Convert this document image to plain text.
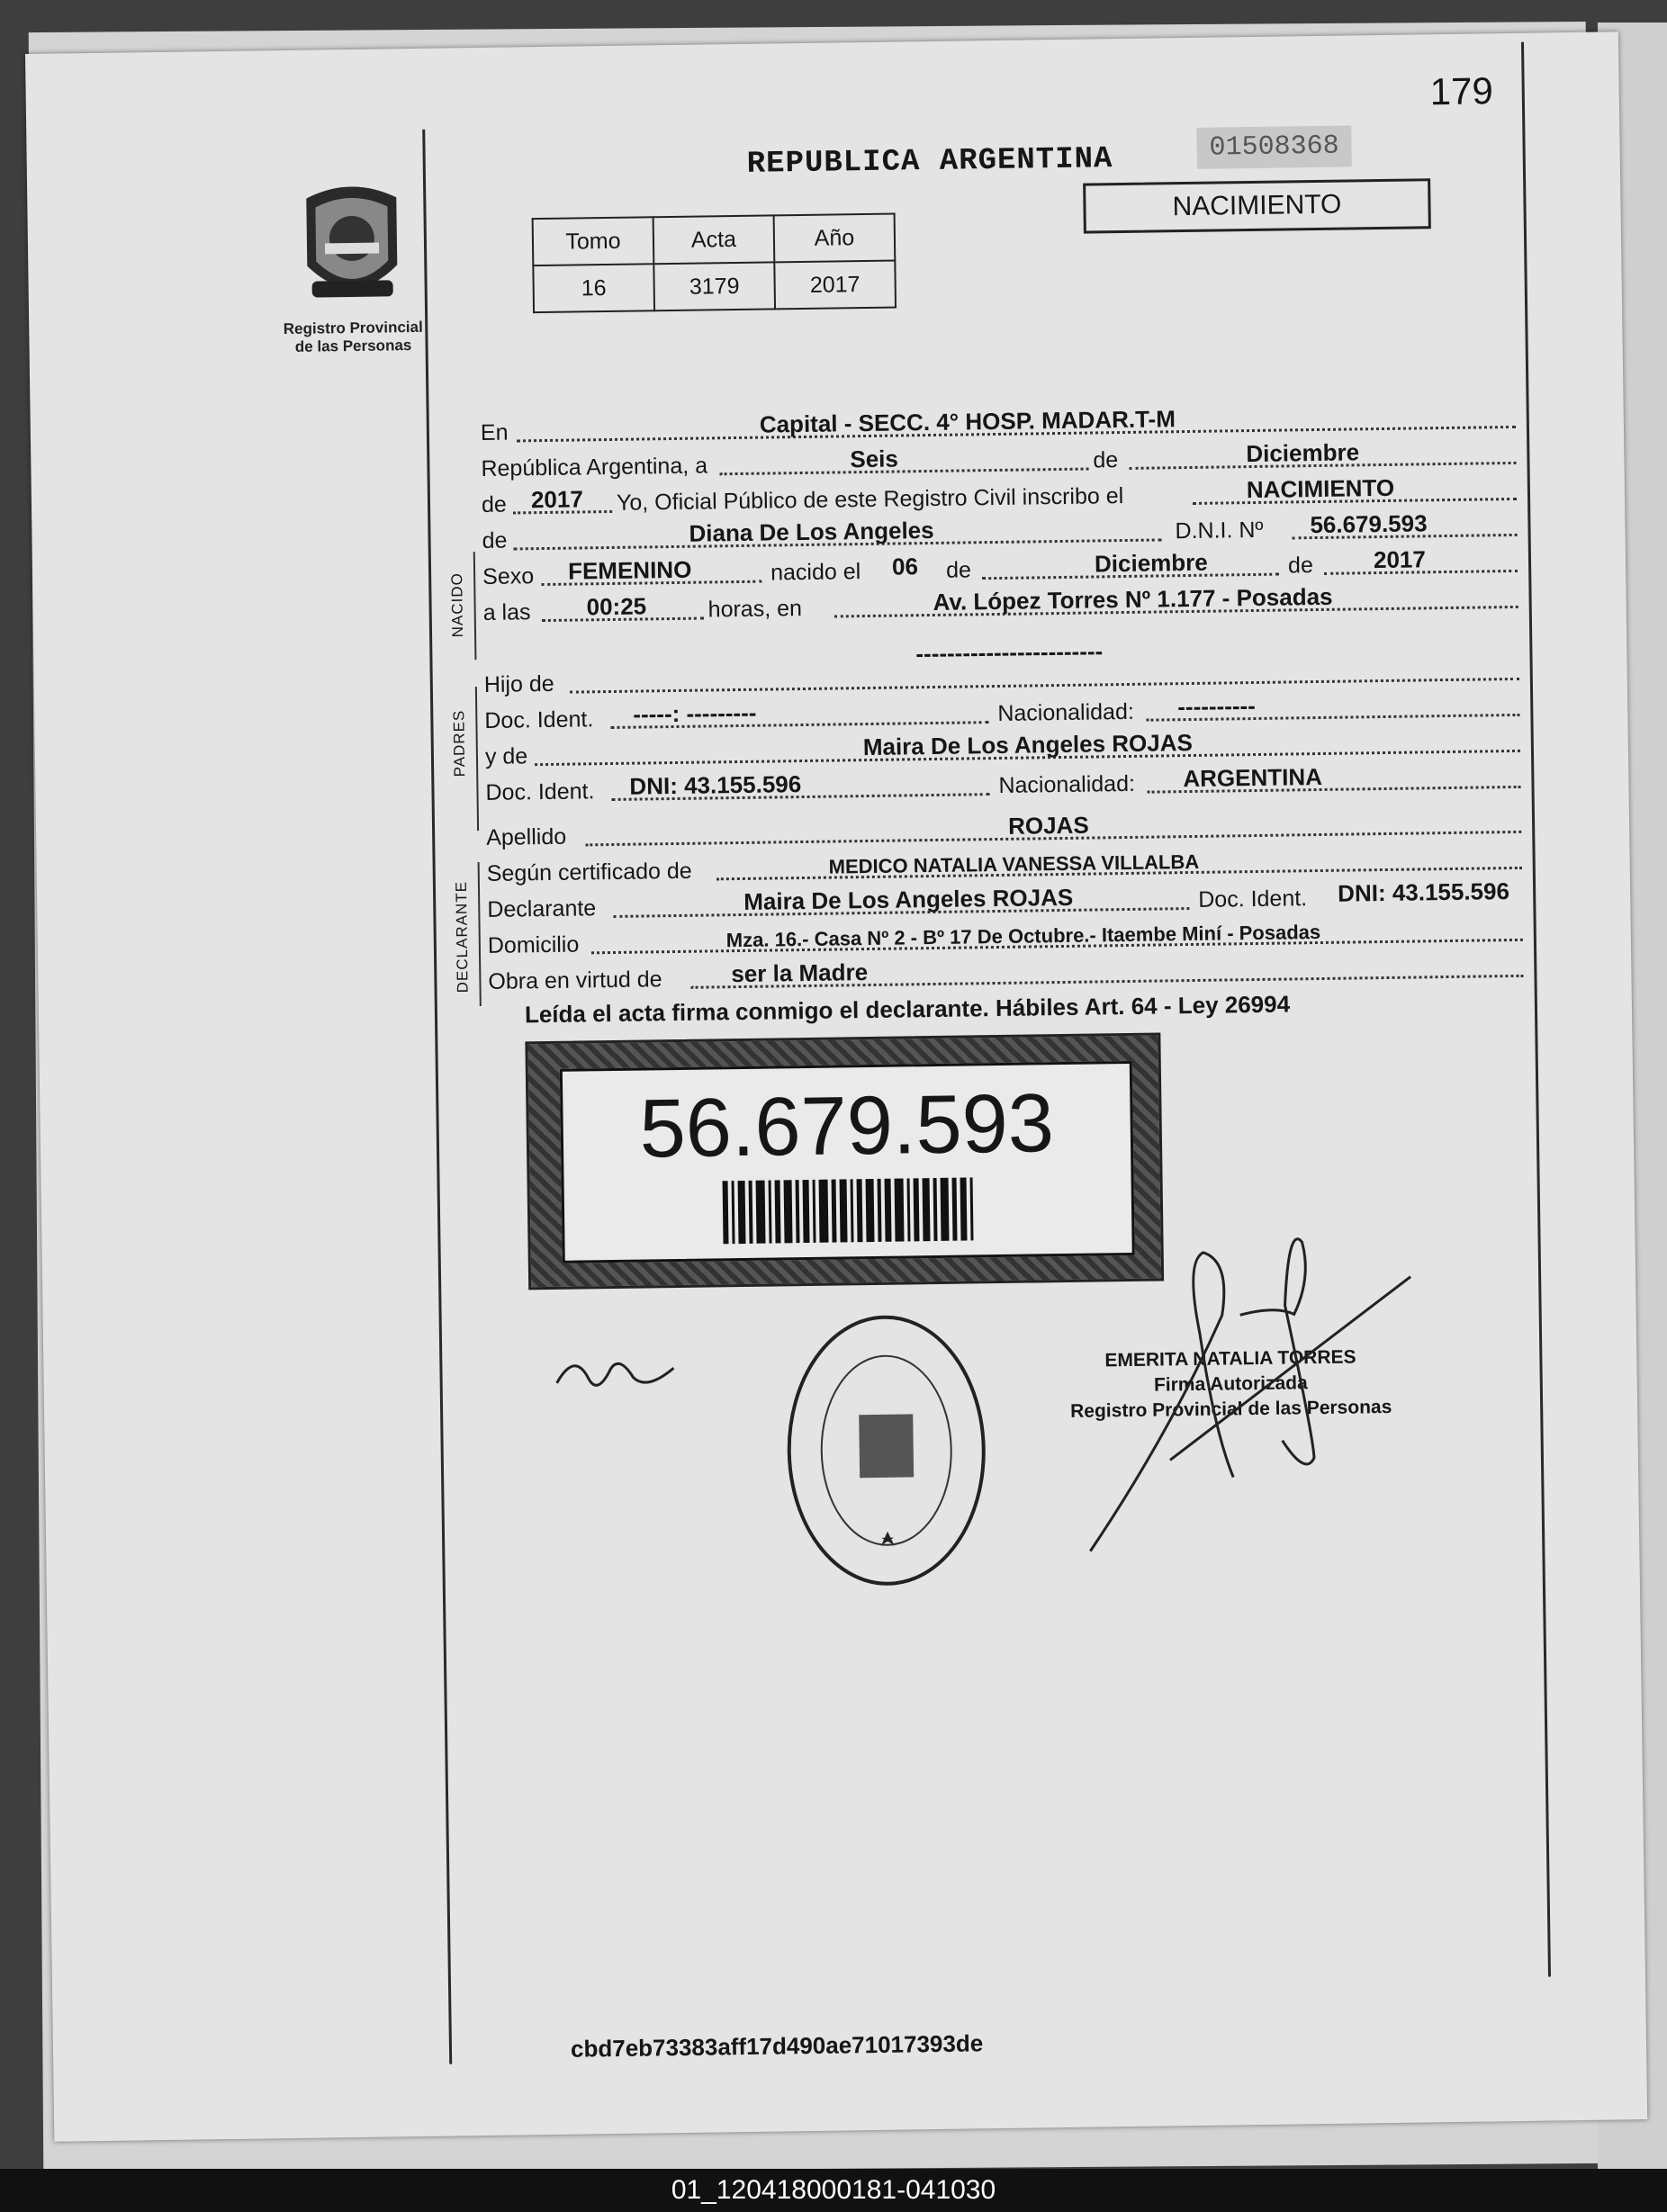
179
Registro Provincial
de las Personas
REPUBLICA ARGENTINA	01508368
NACIMIENTO
Tomo	Acta	Año
16	3179	2017
En	Capital - SECC. 4° HOSP. MADAR.T-M
República Argentina, a	Seis	de	Diciembre
de 2017 Yo, Oficial Público de este Registro Civil inscribo el	NACIMIENTO
NACIDO
de	Diana De Los Angeles	D.N.I. Nº 56.679.593
Sexo FEMENINO	nacido el 06 de	Diciembre	de	2017
a las 00:25	horas, en	Av. López Torres Nº 1.177 - Posadas
PADRES
Hijo de
------------------------
Doc. Ident. -----: ---------	Nacionalidad: ----------
y de	Maira De Los Angeles ROJAS
Doc. Ident. DNI: 43.155.596	Nacionalidad: ARGENTINA
Apellido	ROJAS
DECLARANTE
Según certificado de	MEDICO NATALIA VANESSA VILLALBA
Declarante	Maira De Los Angeles ROJAS	Doc. Ident. DNI: 43.155.596
Domicilio	Mza. 16.- Casa Nº 2 - Bº 17 De Octubre.- Itaembe Miní - Posadas
Obra en virtud de	ser la Madre
Leída el acta firma conmigo el declarante. Hábiles Art. 64 - Ley 26994
56.679.593
EMERITA NATALIA TORRES
Firma Autorizada
Registro Provincial de las Personas
cbd7eb73383aff17d490ae71017393de
01_120418000181-041030
